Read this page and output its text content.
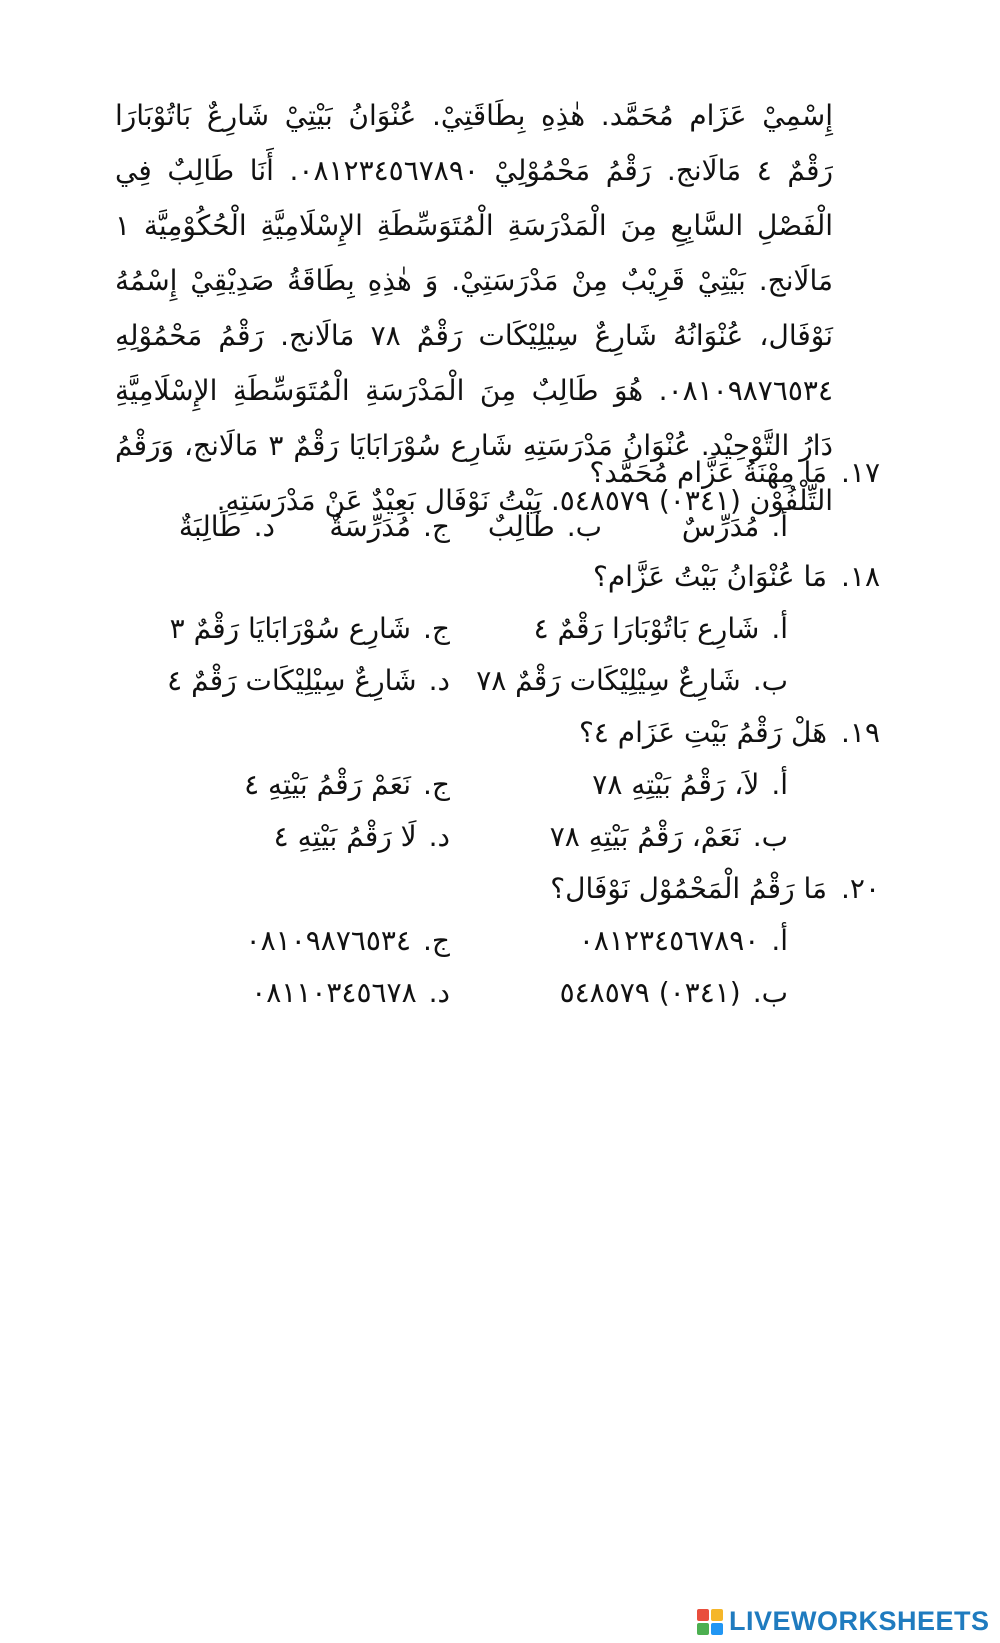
إِسْمِيْ عَزَام مُحَمَّد. هٰذِهِ بِطَاقَتِيْ. عُنْوَانُ بَيْتِيْ شَارِعٌ بَاتُوْبَارَا رَقْمٌ ٤ مَالَانج. رَقْمُ مَحْمُوْلِيْ ٠٨١٢٣٤٥٦٧٨٩٠. أَنَا طَالِبٌ فِي الْفَصْلِ السَّابِعِ مِنَ الْمَدْرَسَةِ الْمُتَوَسِّطَةِ الإِسْلَامِيَّةِ الْحُكُوْمِيَّة ١ مَالَانج. بَيْتِيْ قَرِيْبٌ مِنْ مَدْرَسَتِيْ. وَ هٰذِهِ بِطَاقَةُ صَدِيْقِيْ إِسْمُهُ نَوْفَال، عُنْوَانُهُ شَارِعٌ سِيْلِيْكَات رَقْمٌ ٧٨ مَالَانج. رَقْمُ مَحْمُوْلِهِ ٠٨١٠٩٨٧٦٥٣٤. هُوَ طَالِبٌ مِنَ الْمَدْرَسَةِ الْمُتَوَسِّطَةِ الإِسْلَامِيَّةِ دَارُ التَّوْحِيْد. عُنْوَانُ مَدْرَسَتِهِ شَارِع سُوْرَابَايَا رَقْمٌ ٣ مَالَانج، وَرَقْمُ التِّلْفُوْن (٠٣٤١) ٥٤٨٥٧٩. بَيْتُ نَوْفَال بَعِيْدٌ عَنْ مَدْرَسَتِهِ.
١٧.مَا مِهْنَةُ عَزَّام مُحَمَّد؟
أ.مُدَرِّسٌ
ب.طَالِبٌ
ج.مُدَرِّسَةٌ
د.طَالِبَةٌ
١٨.مَا عُنْوَانُ بَيْتُ عَزَّام؟
أ.شَارِع بَاتُوْبَارَا رَقْمٌ ٤
ب.شَارِعٌ سِيْلِيْكَات رَقْمٌ ٧٨
ج.شَارِع سُوْرَابَايَا رَقْمٌ ٣
د.شَارِعٌ سِيْلِيْكَات رَقْمٌ ٤
١٩.هَلْ رَقْمُ بَيْتِ عَزَام ٤؟
أ.لاَ، رَقْمُ بَيْتِهِ ٧٨
ب.نَعَمْ، رَقْمُ بَيْتِهِ ٧٨
ج.نَعَمْ رَقْمُ بَيْتِهِ ٤
د.لَا رَقْمُ بَيْتِهِ ٤
٢٠.مَا رَقْمُ الْمَحْمُوْل نَوْفَال؟
أ.٠٨١٢٣٤٥٦٧٨٩٠
ب.(٠٣٤١) ٥٤٨٥٧٩
ج.٠٨١٠٩٨٧٦٥٣٤
د.٠٨١١٠٣٤٥٦٧٨
LIVEWORKSHEETS
